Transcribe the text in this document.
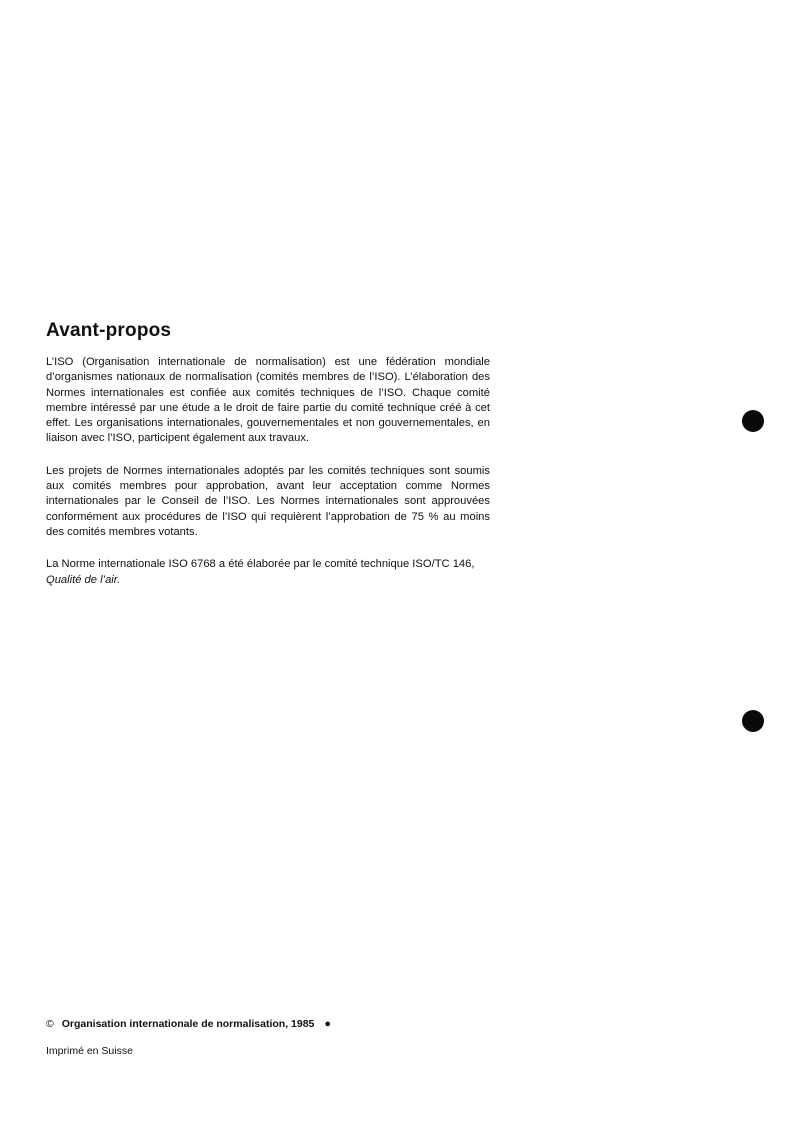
Avant-propos

L’ISO (Organisation internationale de normalisation) est une fédération mondiale d’organismes nationaux de normalisation (comités membres de l’ISO). L’élaboration des Normes internationales est confiée aux comités techniques de l’ISO. Chaque comité membre intéressé par une étude a le droit de faire partie du comité technique créé à cet effet. Les organisations internationales, gouvernementales et non gouvernementales, en liaison avec l’ISO, participent également aux travaux.

Les projets de Normes internationales adoptés par les comités techniques sont soumis aux comités membres pour approbation, avant leur acceptation comme Normes internationales par le Conseil de l’ISO. Les Normes internationales sont approuvées conformément aux procédures de l’ISO qui requièrent l’approbation de 75 % au moins des comités membres votants.

La Norme internationale ISO 6768 a été élaborée par le comité technique ISO/TC 146,
Qualité de l’air.

© Organisation internationale de normalisation, 1985 ●
Imprimé en Suisse
